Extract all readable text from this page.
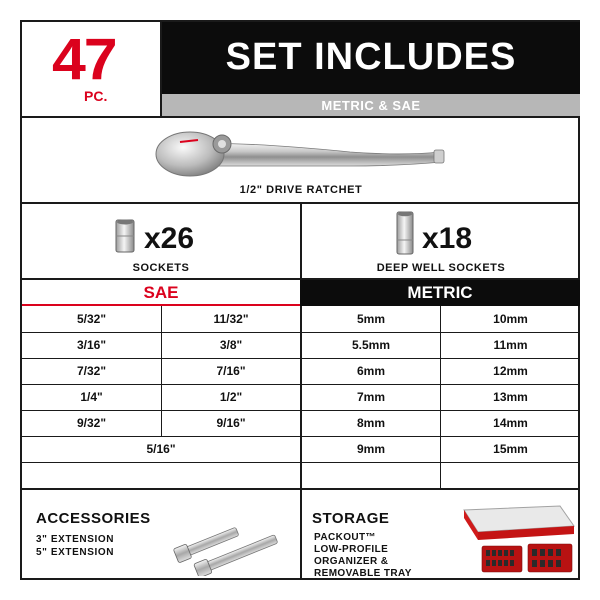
47
PC.
SET INCLUDES
METRIC & SAE
1/2" DRIVE RATCHET
x26
SOCKETS
x18
DEEP WELL SOCKETS
SAE	METRIC
5/32"
3/16"
7/32"
1/4"
9/32"
11/32"
3/8"
7/16"
1/2"
9/16"
5/16"
5mm
5.5mm
6mm
7mm
8mm
9mm
10mm
11mm
12mm
13mm
14mm
15mm
ACCESSORIES
3" EXTENSION
5" EXTENSION
STORAGE
PACKOUT™
LOW-PROFILE
ORGANIZER &
REMOVABLE TRAY
